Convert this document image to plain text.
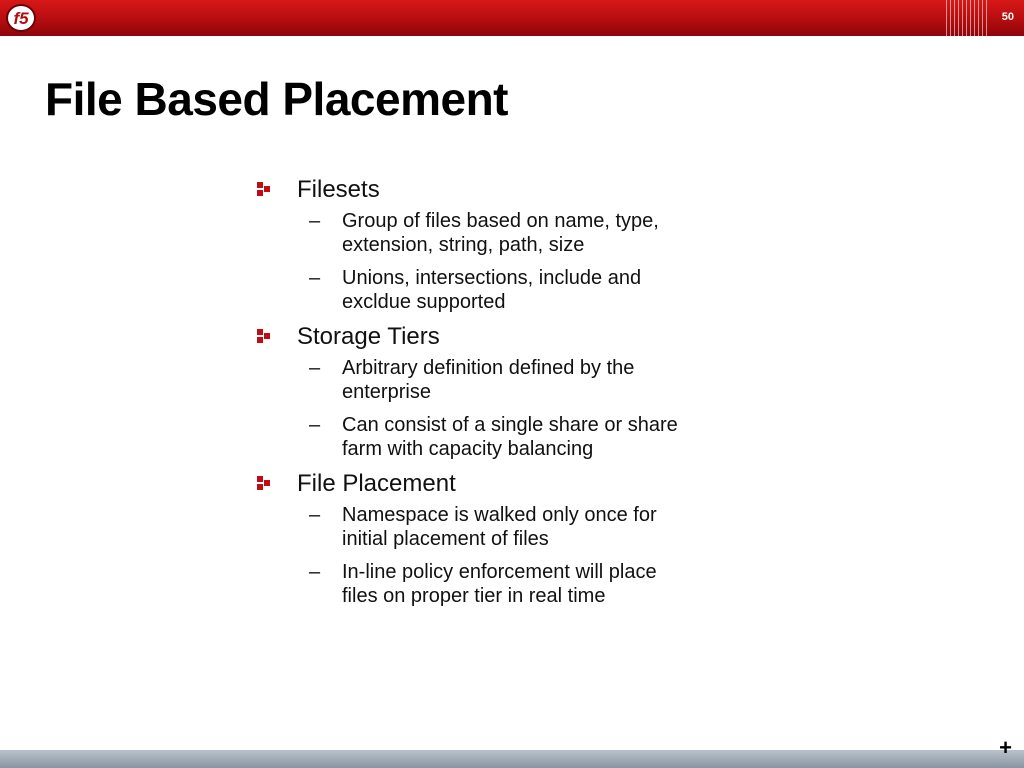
f5	50
File Based Placement
Filesets
– Group of files based on name, type, extension, string, path, size
– Unions, intersections, include and excldue supported
Storage Tiers
– Arbitrary definition defined by the enterprise
– Can consist of a single share or share farm with capacity balancing
File Placement
– Namespace is walked only once for initial placement of files
– In-line policy enforcement will place files on proper tier in real time
+
